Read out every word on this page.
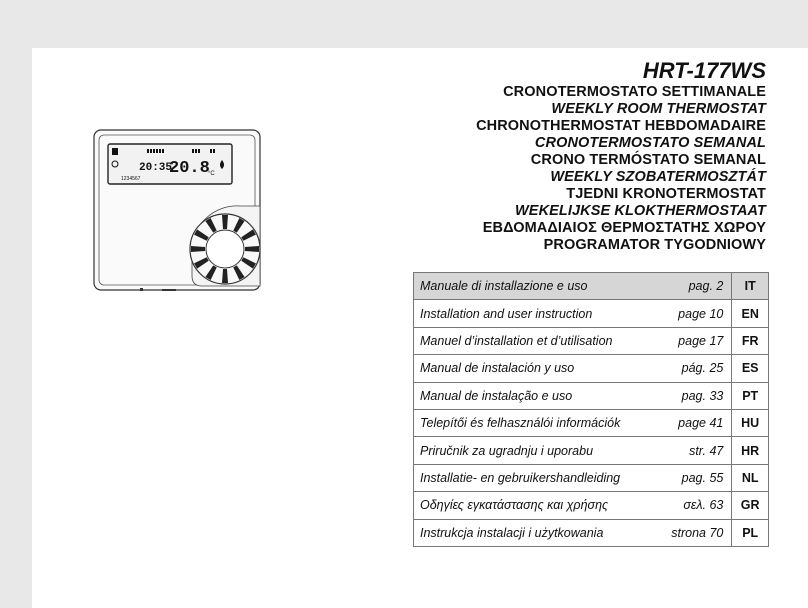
20:35
20.8
°C
1234567
HRT-177WS
CRONOTERMOSTATO SETTIMANALE
WEEKLY ROOM THERMOSTAT
CHRONOTHERMOSTAT HEBDOMADAIRE
CRONOTERMOSTATO SEMANAL
CRONO TERMÓSTATO SEMANAL
WEEKLY SZOBATERMOSZTÁT
TJEDNI KRONOTERMOSTAT
WEKELIJKSE KLOKTHERMOSTAAT
ΕΒΔΟΜΑΔΙΑΙΟΣ ΘΕΡΜΟΣΤΑΤΗΣ ΧΩΡΟΥ
PROGRAMATOR TYGODNIOWY
Manuale di installazione e uso	pag. 2	IT
Installation and user instruction	page 10	EN
Manuel d’installation et d’utilisation	page 17	FR
Manual de instalación y uso	pág. 25	ES
Manual de instalação e uso	pag. 33	PT
Telepítői és felhasználói információk	page 41	HU
Priručnik za ugradnju i uporabu	str. 47	HR
Installatie- en gebruikershandleiding	pag. 55	NL
Οδηγίες εγκατάστασης και χρήσης	σελ. 63	GR
Instrukcja instalacji i użytkowania	strona 70	PL
